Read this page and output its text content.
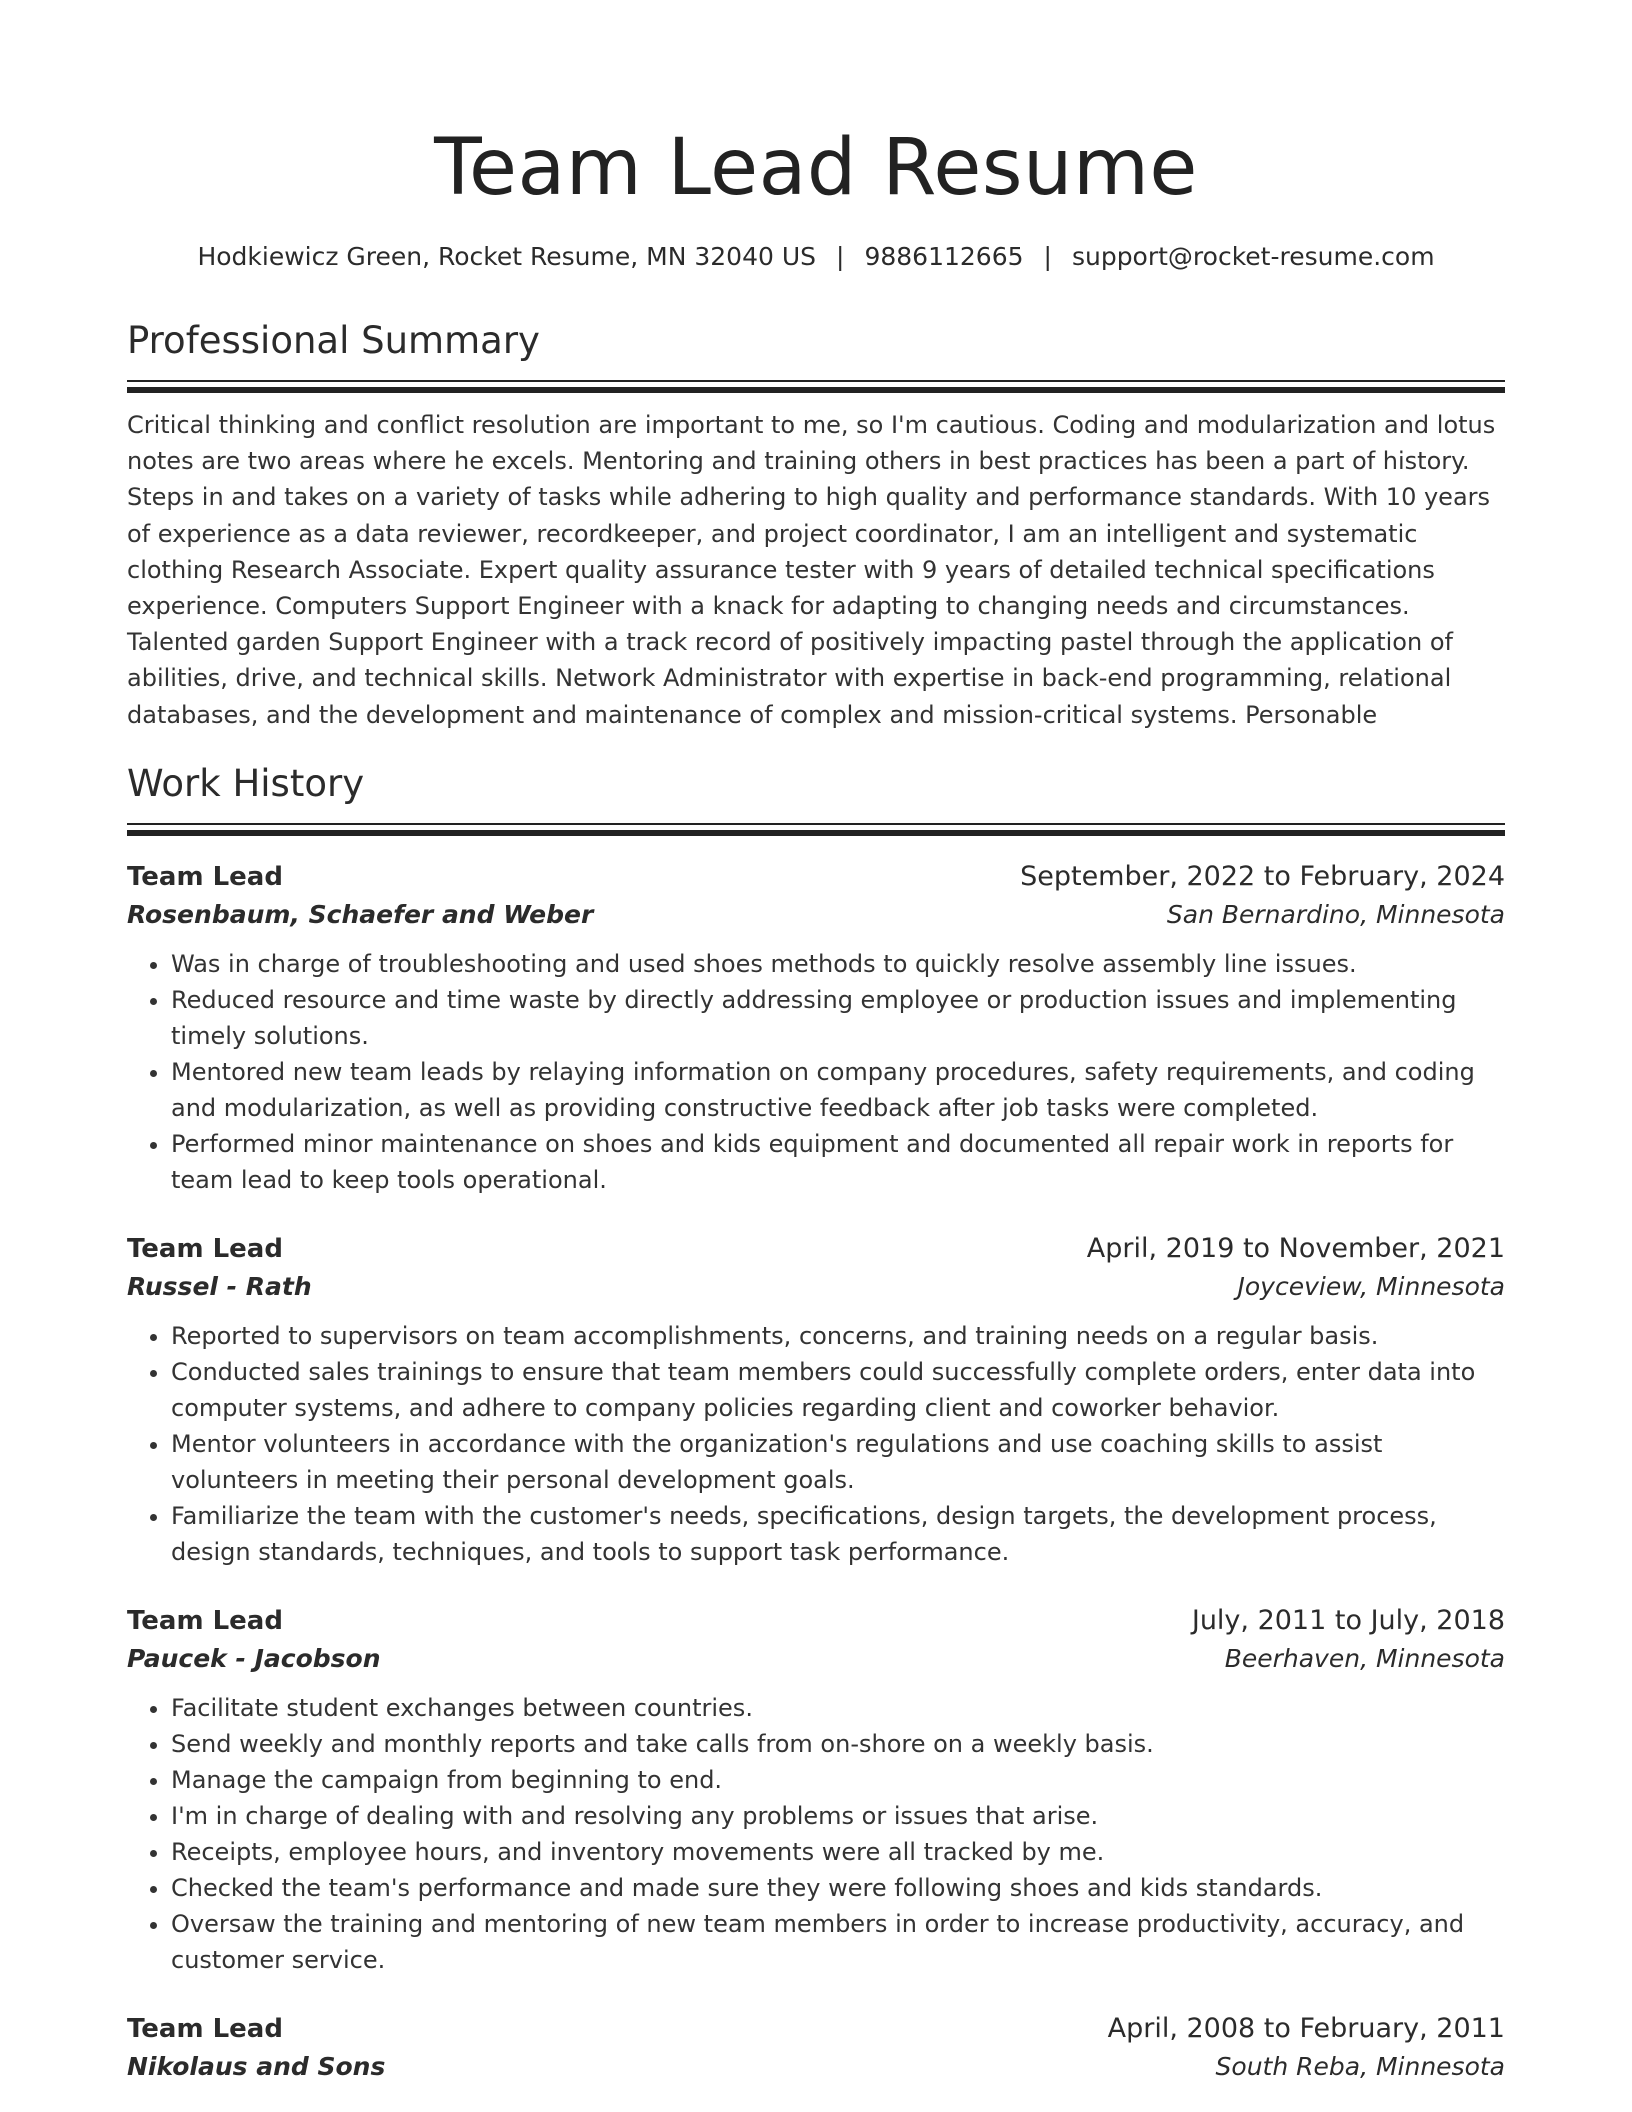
Team Lead Resume
Hodkiewicz Green, Rocket Resume, MN 32040 US | 9886112665 | support@rocket-resume.com
Professional Summary

Critical thinking and conflict resolution are important to me, so I'm cautious. Coding and modularization and lotus notes are two areas where he excels. Mentoring and training others in best practices has been a part of history. Steps in and takes on a variety of tasks while adhering to high quality and performance standards. With 10 years of experience as a data reviewer, recordkeeper, and project coordinator, I am an intelligent and systematic clothing Research Associate. Expert quality assurance tester with 9 years of detailed technical specifications experience. Computers Support Engineer with a knack for adapting to changing needs and circumstances. Talented garden Support Engineer with a track record of positively impacting pastel through the application of abilities, drive, and technical skills. Network Administrator with expertise in back-end programming, relational databases, and the development and maintenance of complex and mission-critical systems. Personable

Work History
Team Lead	September, 2022 to February, 2024
Rosenbaum, Schaefer and Weber	San Bernardino, Minnesota
• Was in charge of troubleshooting and used shoes methods to quickly resolve assembly line issues.
• Reduced resource and time waste by directly addressing employee or production issues and implementing timely solutions.
• Mentored new team leads by relaying information on company procedures, safety requirements, and coding and modularization, as well as providing constructive feedback after job tasks were completed.
• Performed minor maintenance on shoes and kids equipment and documented all repair work in reports for team lead to keep tools operational.
Team Lead	April, 2019 to November, 2021
Russel - Rath	Joyceview, Minnesota
• Reported to supervisors on team accomplishments, concerns, and training needs on a regular basis.
• Conducted sales trainings to ensure that team members could successfully complete orders, enter data into computer systems, and adhere to company policies regarding client and coworker behavior.
• Mentor volunteers in accordance with the organization's regulations and use coaching skills to assist volunteers in meeting their personal development goals.
• Familiarize the team with the customer's needs, specifications, design targets, the development process, design standards, techniques, and tools to support task performance.
Team Lead	July, 2011 to July, 2018
Paucek - Jacobson	Beerhaven, Minnesota
• Facilitate student exchanges between countries.
• Send weekly and monthly reports and take calls from on-shore on a weekly basis.
• Manage the campaign from beginning to end.
• I'm in charge of dealing with and resolving any problems or issues that arise.
• Receipts, employee hours, and inventory movements were all tracked by me.
• Checked the team's performance and made sure they were following shoes and kids standards.
• Oversaw the training and mentoring of new team members in order to increase productivity, accuracy, and customer service.
Team Lead	April, 2008 to February, 2011
Nikolaus and Sons	South Reba, Minnesota
